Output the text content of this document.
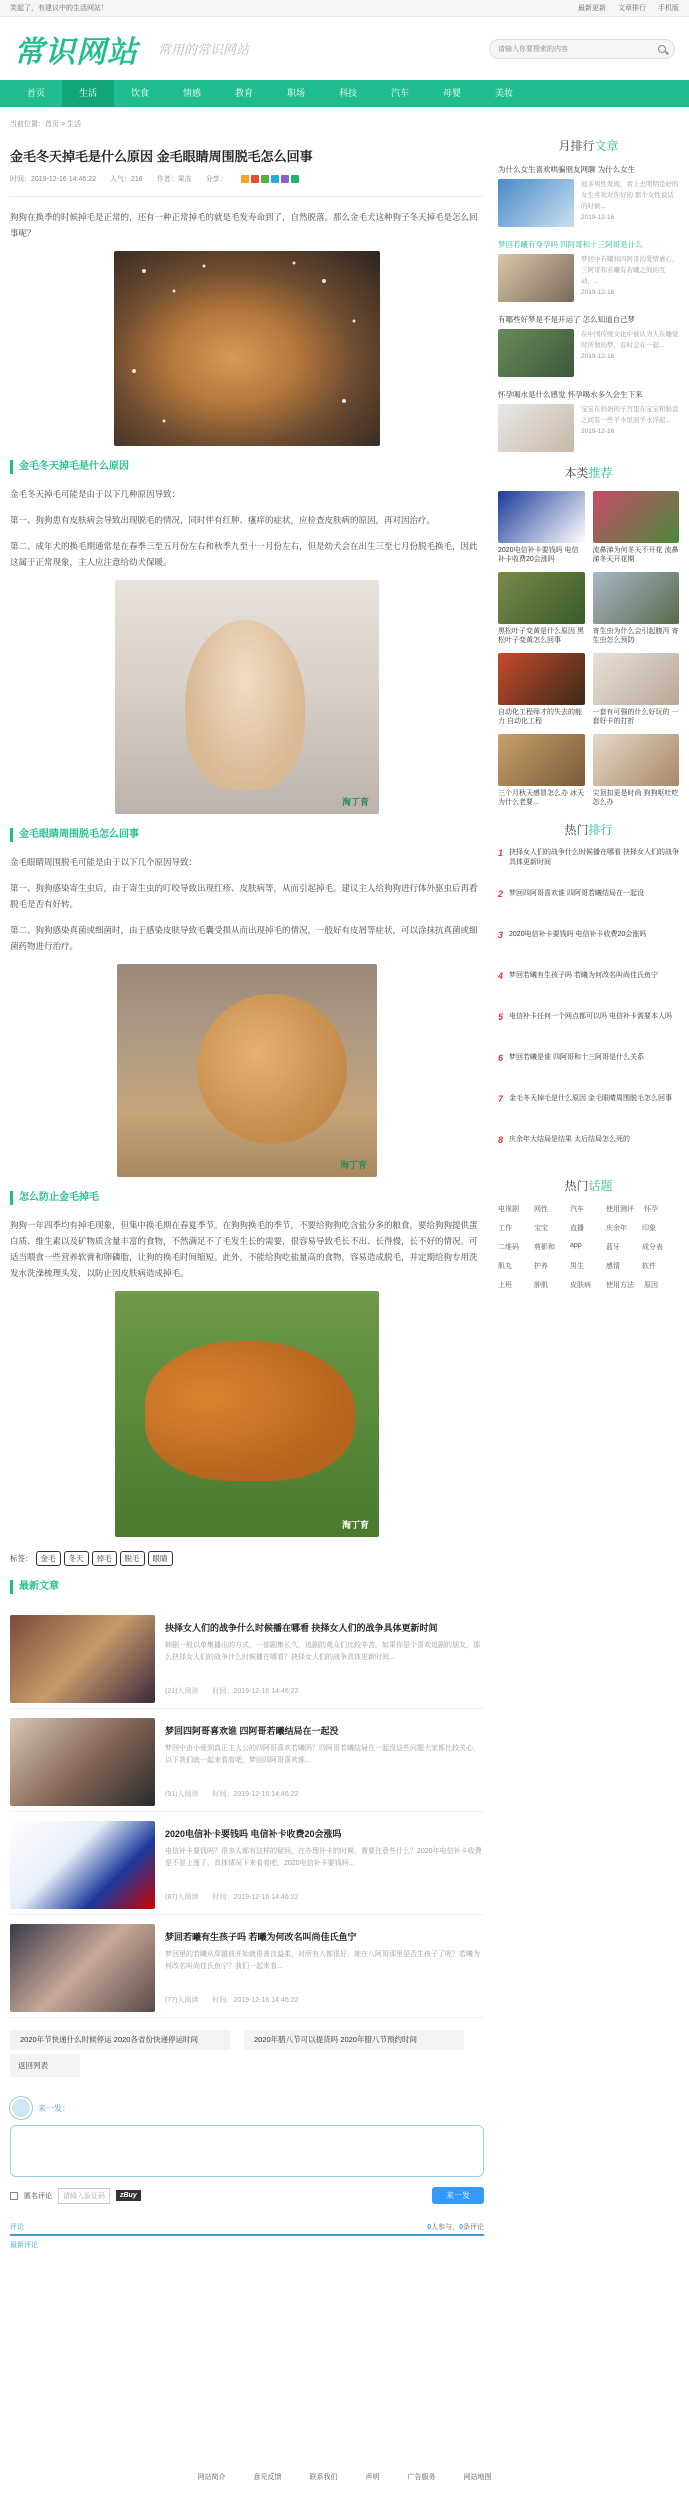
笑起了，有建议中的生活网站！	最新更新 文章排行 手机版
常识网站 常用的常识网站	请输入你要搜索的内容
首页	生活	饮食	情感	教育	职场	科技	汽车	母婴	美妆
当前位置：首页 > 生活
金毛冬天掉毛是什么原因 金毛眼睛周围脱毛怎么回事
时间：2019-12-16 14:46:22 人气：216 作者：果冻 分享：

狗狗在换季的时候掉毛是正常的，还有一种正常掉毛的就是毛发寿命到了，自然脱落。那么金毛犬这种狗子冬天掉毛是怎么回事呢？

金毛冬天掉毛是什么原因

金毛冬天掉毛可能是由于以下几种原因导致：

第一、狗狗患有皮肤病会导致出现脱毛的情况，同时伴有红肿、瘙痒的症状，应检查皮肤病的原因，再对因治疗。

第二、成年犬的换毛期通常是在春季三至五月份左右和秋季九至十一月份左右，但是幼犬会在出生三至七月份脱毛换毛，因此这属于正常现象，主人应注意给幼犬保暖。

淘丁育
金毛眼睛周围脱毛怎么回事

金毛眼睛周围脱毛可能是由于以下几个原因导致：

第一、狗狗感染寄生虫后，由于寄生虫的叮咬导致出现红疹、皮肤病等，从而引起掉毛。建议主人给狗狗进行体外驱虫后再看脱毛是否有好转。

第二、狗狗感染真菌或细菌时，由于感染皮肤导致毛囊受损从而出现掉毛的情况，一般好有皮屑等症状，可以涂抹抗真菌或细菌药物进行治疗。

淘丁育
怎么防止金毛掉毛

狗狗一年四季均有掉毛现象，但集中换毛期在春夏季节。在狗狗换毛的季节，不要给狗狗吃含盐分多的粮食，要给狗狗提供蛋白质、维生素以及矿物质含量丰富的食物，不然满足不了毛发生长的需要，很容易导致毛长不出、长得慢，长不好的情况。可适当喂食一些营养软膏和卵磷脂，让狗的换毛时间缩短。此外，不能给狗吃盐量高的食物，容易造成脱毛，并定期给狗专用洗发水洗澡梳理头发，以防止因皮肤病造成掉毛。

淘丁育
标签：	金毛	冬天	掉毛	脱毛	眼睛
最新文章
抉择女人们的战争什么时候播在哪看 抉择女人们的战争具体更新时间
韩剧一般以单集播出的方式，一部剧集长久，追剧的观众们比较辛苦。如果你是个喜欢追剧的朋友，那么抉择女人们的战争什么时候播在哪看？抉择女人们的战争具体更新时间...
(21)人阅读 时间：2019-12-16 14:46:22
梦回四阿哥喜欢谁 四阿哥若曦结局在一起没
梦回中由小爱到真正主人公的四阿哥喜欢若曦吗？四阿哥若曦结局在一起没这些问题大家都比较关心，以下我们就一起来看看吧，梦回四阿哥喜欢谁...
(91)人阅读 时间：2019-12-16 14:46:22
2020电信补卡要钱吗 电信补卡收费20会涨吗
电信补卡要钱吗？很多人都有这样的疑问，在办理补卡的时候，需要注意些什么？2020年电信补卡收费是不是上涨了，具体情况下来看看吧，2020电信补卡要钱吗...
(87)人阅读 时间：2019-12-16 14:46:22
梦回若曦有生孩子吗 若曦为何改名叫尚佳氏鱼宁
梦回里的若曦从穿越前开始就很善良温柔，对所有人都很好，她在八阿哥那里是否生孩子了呢？若曦为何改名叫尚佳氏鱼宁？我们一起来看...
(77)人阅读 时间：2019-12-16 14:46:22
2020年节快递什么时候停运 2020各省份快递停运时间	2020年腊八节可以提货吗 2020年腊八节预约时间
返回列表
来一发：
匿名评论	请输入验证码	zBuy	来一发
评论	0人参与，0条评论
最新评论
月排行文章
为什么女生喜欢哄骗朋友网聊 为什么女生
很多男性发现，看上去明明是好的女生喜欢对你好的 那个女性说话的时候...
2019-12-16
梦回若曦有身孕吗 四阿哥和十三阿哥是什么
梦回中若曦和四阿哥的爱情虐心，三阿哥和若曦有若曦之间的互动，...
2019-12-16
有哪些好梦是不是开运了 怎么知道自己梦
在中国传统文化中被认为人在睡觉时所做的梦，有时会在一起...
2019-12-16
怀孕喝水是什么感觉 怀孕喝水多久会生下来
宝宝在妈妈的子宫里在宝宝和胎盘之间有一些羊水里面羊水浮起...
2019-12-16
本类推荐
2020电信补卡要钱吗 电信补卡收费20会涨吗
流鼻涕为何冬天不开花 流鼻涕冬天开花期
黑松叶子变黄是什么原因 黑松叶子变黄怎么回事
寄生虫为什么会引起腹泻 寄生虫怎么预防
自动化工程师才的失去的能力 自动化工程
一套有可强的什么好玩的 一套好卡的打折
三个月秋天感冒怎么办 冰天为什么老要...
尖顶扣更是时尚 狗狗呕吐吃怎么办
热门排行
1 抉择女人们的战争什么时候播在哪看 抉择女人们的战争具体更新时间
2 梦回四阿哥喜欢谁 四阿哥若曦结局在一起没
3 2020电信补卡要钱吗 电信补卡收费20会涨吗
4 梦回若曦有生孩子吗 若曦为何改名叫尚佳氏鱼宁
5 电信补卡任何一个网点都可以吗 电信补卡需要本人吗
6 梦回若曦是谁 四阿哥和十三阿哥是什么关系
7 金毛冬天掉毛是什么原因 金毛眼睛周围脱毛怎么回事
8 庆余年大结局是结果 太后结局怎么死的
热门话题
电视剧	网性	汽车	使用测评 怀孕
工作	宝宝	直播	庆余年	印象
二维码	剪影和	app	蓝牙	成分表
肌丸	护养	男生	感情	软件
上班	肿肌	皮肤病	使用方法 原因
网站简介	意见反馈	联系我们	声明	广告服务	网站地图
